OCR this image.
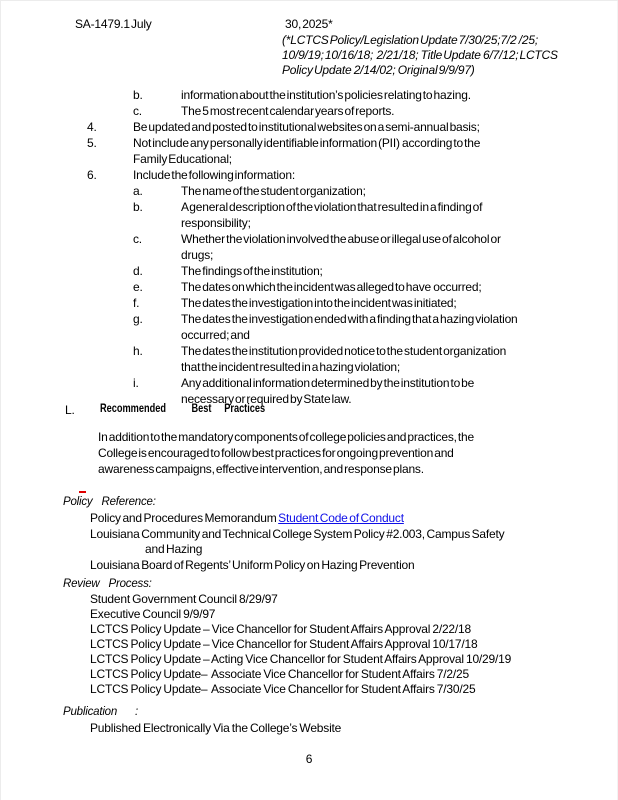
SA-1479.1 July	30, 2025*
(*LCTCS Policy/Legislation Update 7/30/25;7/2  /25;
10/9/19; 10/16/18;   2/21/18;  Title Update  6/7/12; LCTCS
Policy Update  2/14/02;  Original 9/9/97)
b.	information about the institution’s policies relating to hazing.
c.	The 5 most recent calendar years of reports.
4.	Be updated and posted to institutional websites on a semi-annual basis;
5.	Not include any personally identifiable information (PII)  according to the
Family Educational;
6.	Include the following information:
a.	The name of the student organization;
b.	A general description of the violation that resulted in a finding of
responsibility;
c.	Whether the violation involved the abuse or illegal use of alcohol or
drugs;
d.	The findings of the institution;
e.	The dates on which the incident was alleged to have  occurred;
f.	The dates the investigation into the incident was initiated;
g.	The dates the investigation ended with a finding that a hazing violation
occurred; and
h.	The dates the institution provided notice to the student organization
that the incident resulted in a hazing violation;
i.	Any additional information determined by the institution to be
necessary or required by State law.
L. Recommended          Best     Practices
In addition to the mandatory components of college policies and practices, the
College is encouraged to follow best practices for ongoing prevention and
awareness campaigns, effective intervention, and response plans.
Policy   Reference:
Policy and Procedures Memorandum Student Code of Conduct
Louisiana Community and Technical College System Policy #2.003, Campus Safety
and Hazing
Louisiana Board of Regents’ Uniform Policy on Hazing Prevention
Review   Process:
Student Government Council 8/29/97
Executive Council 9/9/97
LCTCS Policy Update – Vice Chancellor for Student Affairs Approval 2/22/18
LCTCS Policy Update – Vice Chancellor for Student Affairs Approval 10/17/18
LCTCS Policy Update – Acting Vice Chancellor for Student Affairs Approval 10/29/19
LCTCS Policy Update–  Associate Vice Chancellor for Student Affairs 7/2/25
LCTCS Policy Update–  Associate Vice Chancellor for Student Affairs 7/30/25
Publication      :
Published Electronically Via the College’s Website
6
